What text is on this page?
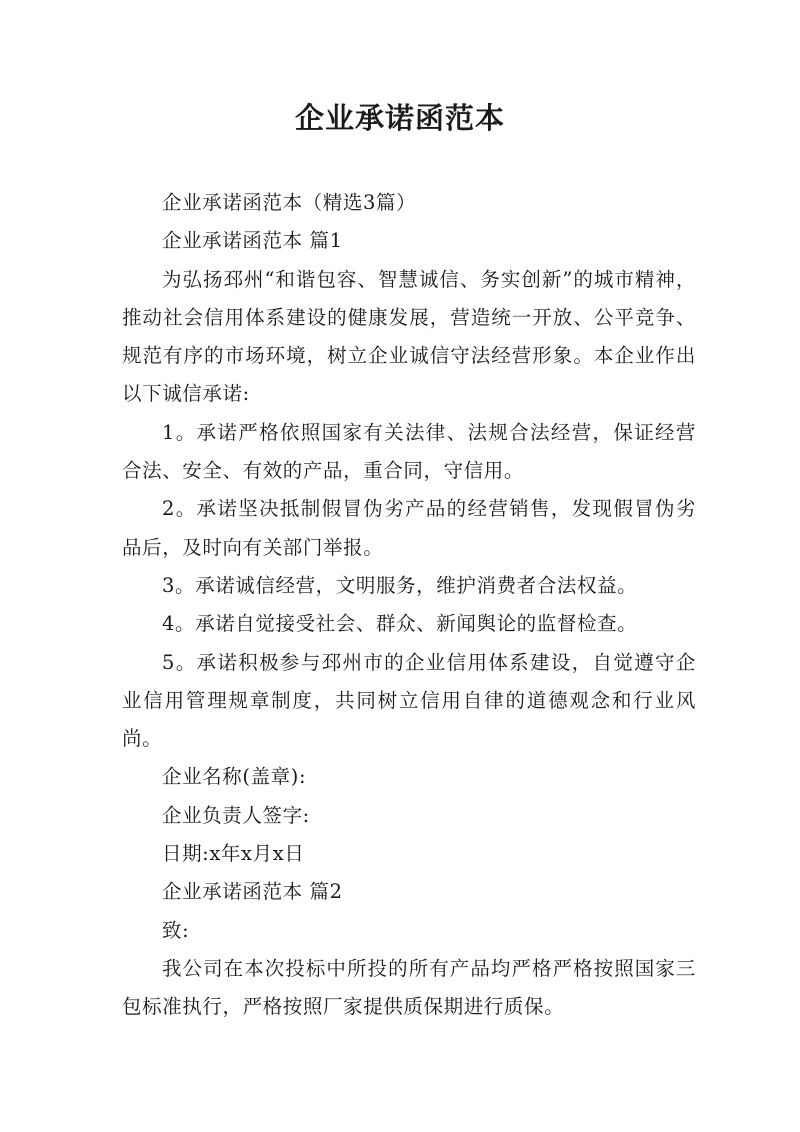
企业承诺函范本

企业承诺函范本（精选3篇）

企业承诺函范本 篇1

为弘扬邳州“和谐包容、智慧诚信、务实创新”的城市精神，推动社会信用体系建设的健康发展，营造统一开放、公平竞争、规范有序的市场环境，树立企业诚信守法经营形象。本企业作出以下诚信承诺:

1。承诺严格依照国家有关法律、法规合法经营，保证经营合法、安全、有效的产品，重合同，守信用。

2。承诺坚决抵制假冒伪劣产品的经营销售，发现假冒伪劣品后，及时向有关部门举报。

3。承诺诚信经营，文明服务，维护消费者合法权益。

4。承诺自觉接受社会、群众、新闻舆论的监督检查。

5。承诺积极参与邳州市的企业信用体系建设，自觉遵守企业信用管理规章制度，共同树立信用自律的道德观念和行业风尚。

企业名称(盖章):

企业负责人签字:

日期:x年x月x日

企业承诺函范本 篇2

致:

我公司在本次投标中所投的所有产品均严格严格按照国家三包标准执行，严格按照厂家提供质保期进行质保。
